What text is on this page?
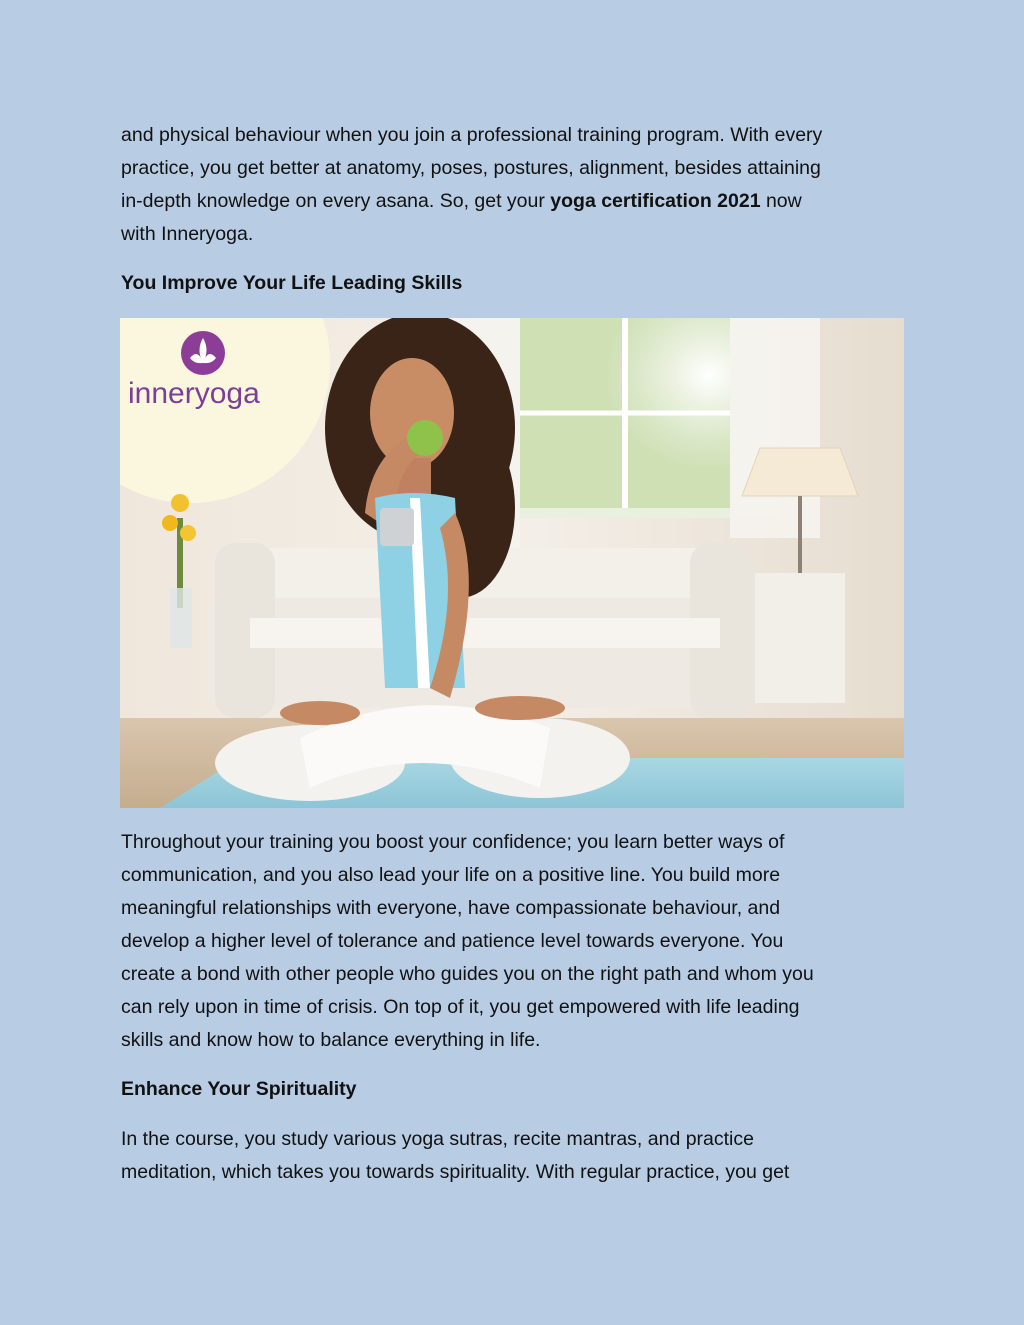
and physical behaviour when you join a professional training program. With every
practice, you get better at anatomy, poses, postures, alignment, besides attaining
in-depth knowledge on every asana. So, get your yoga certification 2021 now
with Inneryoga.

You Improve Your Life Leading Skills
inneryoga

Throughout your training you boost your confidence; you learn better ways of
communication, and you also lead your life on a positive line. You build more
meaningful relationships with everyone, have compassionate behaviour, and
develop a higher level of tolerance and patience level towards everyone. You
create a bond with other people who guides you on the right path and whom you
can rely upon in time of crisis. On top of it, you get empowered with life leading
skills and know how to balance everything in life.

Enhance Your Spirituality

In the course, you study various yoga sutras, recite mantras, and practice
meditation, which takes you towards spirituality. With regular practice, you get
